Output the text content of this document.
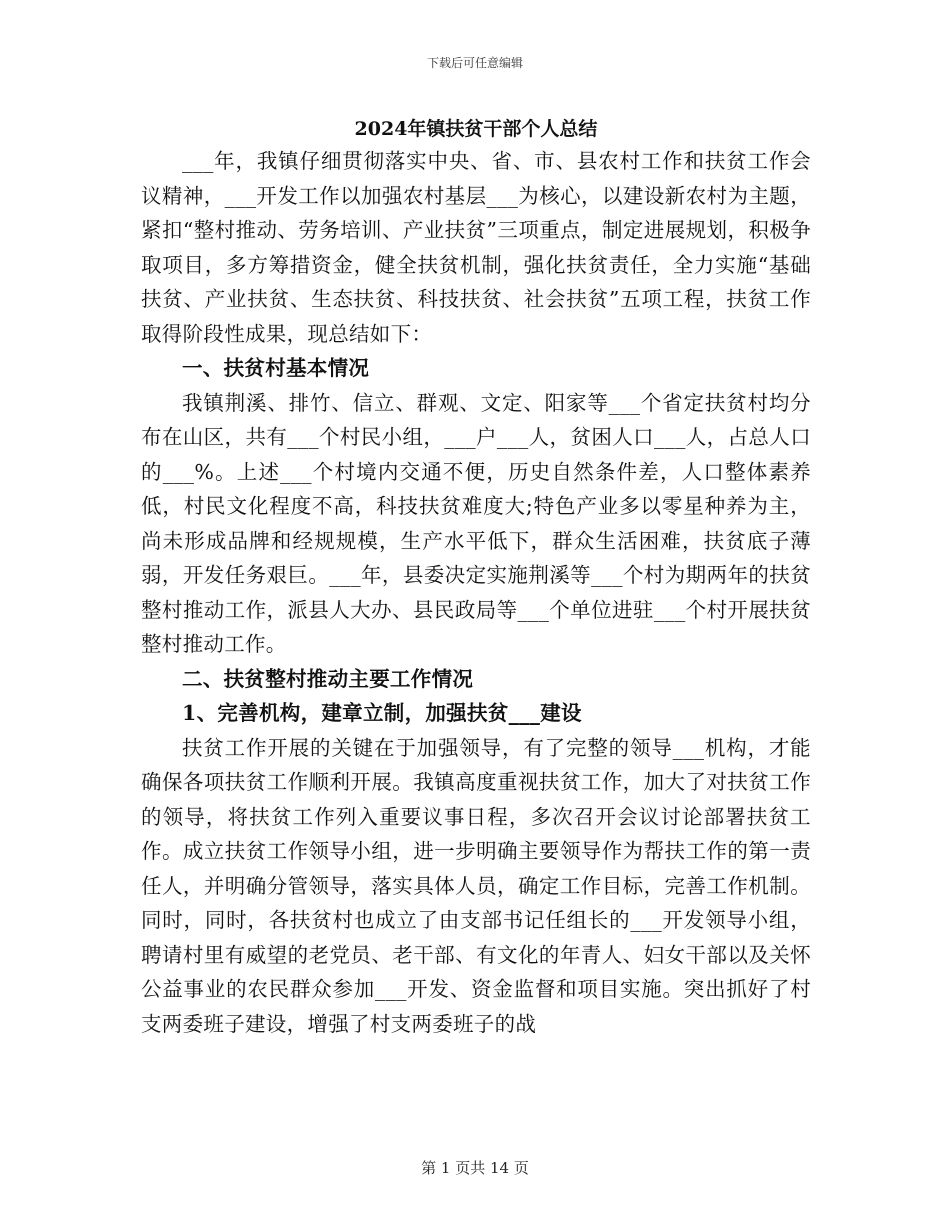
下载后可任意编辑
2024年镇扶贫干部个人总结

___年，我镇仔细贯彻落实中央、省、市、县农村工作和扶贫工作会议精神，___开发工作以加强农村基层___为核心，以建设新农村为主题，紧扣“整村推动、劳务培训、产业扶贫”三项重点，制定进展规划，积极争取项目，多方筹措资金，健全扶贫机制，强化扶贫责任，全力实施“基础扶贫、产业扶贫、生态扶贫、科技扶贫、社会扶贫”五项工程，扶贫工作取得阶段性成果，现总结如下：

一、扶贫村基本情况

我镇荆溪、排竹、信立、群观、文定、阳家等___个省定扶贫村均分布在山区，共有___个村民小组，___户___人，贫困人口___人，占总人口的___%。上述___个村境内交通不便，历史自然条件差，人口整体素养低，村民文化程度不高，科技扶贫难度大;特色产业多以零星种养为主，尚未形成品牌和经规规模，生产水平低下，群众生活困难，扶贫底子薄弱，开发任务艰巨。___年，县委决定实施荆溪等___个村为期两年的扶贫整村推动工作，派县人大办、县民政局等___个单位进驻___个村开展扶贫整村推动工作。

二、扶贫整村推动主要工作情况

1、完善机构，建章立制，加强扶贫___建设

扶贫工作开展的关键在于加强领导，有了完整的领导___机构，才能确保各项扶贫工作顺利开展。我镇高度重视扶贫工作，加大了对扶贫工作的领导，将扶贫工作列入重要议事日程，多次召开会议讨论部署扶贫工作。成立扶贫工作领导小组，进一步明确主要领导作为帮扶工作的第一责任人，并明确分管领导，落实具体人员，确定工作目标，完善工作机制。同时，同时，各扶贫村也成立了由支部书记任组长的___开发领导小组，聘请村里有威望的老党员、老干部、有文化的年青人、妇女干部以及关怀公益事业的农民群众参加___开发、资金监督和项目实施。突出抓好了村支两委班子建设，增强了村支两委班子的战

第 1 页共 14 页
